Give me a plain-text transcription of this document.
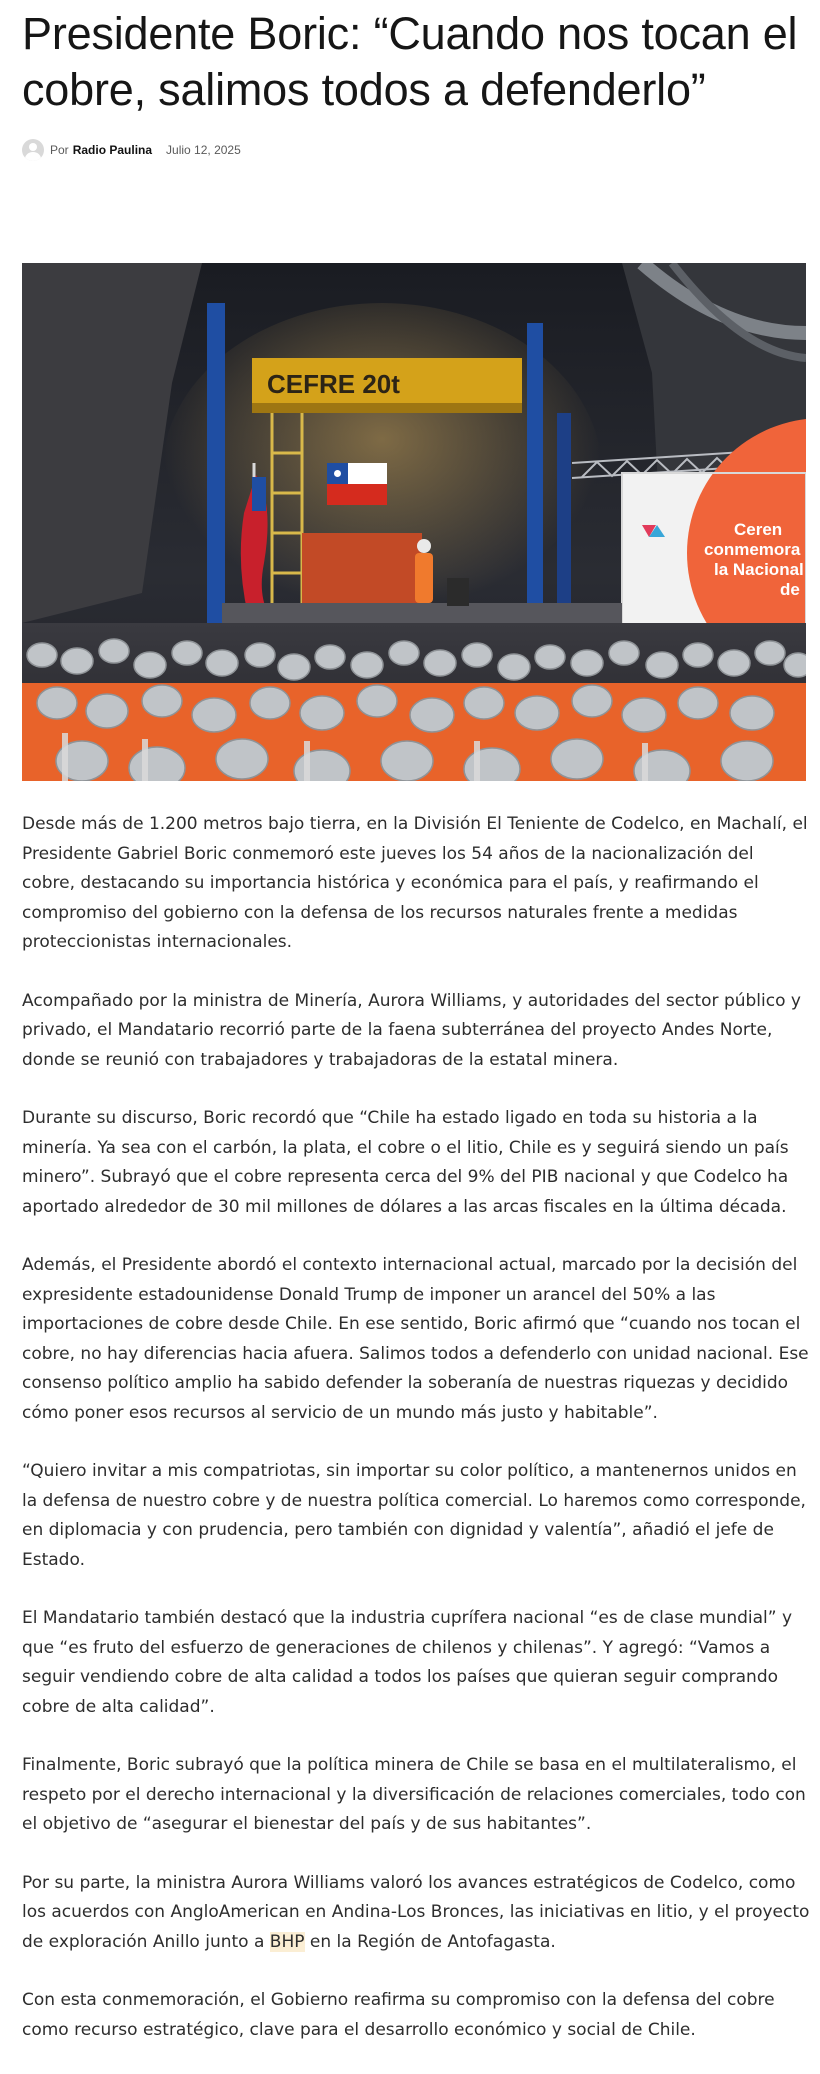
Presidente Boric: “Cuando nos tocan el cobre, salimos todos a defenderlo”
Por Radio Paulina Julio 12, 2025
CEFRE 20t
Ceren
conmemora
la Nacional
de

Desde más de 1.200 metros bajo tierra, en la División El Teniente de Codelco, en Machalí, el Presidente Gabriel Boric conmemoró este jueves los 54 años de la nacionalización del cobre, destacando su importancia histórica y económica para el país, y reafirmando el compromiso del gobierno con la defensa de los recursos naturales frente a medidas proteccionistas internacionales.

Acompañado por la ministra de Minería, Aurora Williams, y autoridades del sector público y privado, el Mandatario recorrió parte de la faena subterránea del proyecto Andes Norte, donde se reunió con trabajadores y trabajadoras de la estatal minera.

Durante su discurso, Boric recordó que “Chile ha estado ligado en toda su historia a la minería. Ya sea con el carbón, la plata, el cobre o el litio, Chile es y seguirá siendo un país minero”. Subrayó que el cobre representa cerca del 9% del PIB nacional y que Codelco ha aportado alrededor de 30 mil millones de dólares a las arcas fiscales en la última década.

Además, el Presidente abordó el contexto internacional actual, marcado por la decisión del expresidente estadounidense Donald Trump de imponer un arancel del 50% a las importaciones de cobre desde Chile. En ese sentido, Boric afirmó que “cuando nos tocan el cobre, no hay diferencias hacia afuera. Salimos todos a defenderlo con unidad nacional. Ese consenso político amplio ha sabido defender la soberanía de nuestras riquezas y decidido cómo poner esos recursos al servicio de un mundo más justo y habitable”.

“Quiero invitar a mis compatriotas, sin importar su color político, a mantenernos unidos en la defensa de nuestro cobre y de nuestra política comercial. Lo haremos como corresponde, en diplomacia y con prudencia, pero también con dignidad y valentía”, añadió el jefe de Estado.

El Mandatario también destacó que la industria cuprífera nacional “es de clase mundial” y que “es fruto del esfuerzo de generaciones de chilenos y chilenas”. Y agregó: “Vamos a seguir vendiendo cobre de alta calidad a todos los países que quieran seguir comprando cobre de alta calidad”.

Finalmente, Boric subrayó que la política minera de Chile se basa en el multilateralismo, el respeto por el derecho internacional y la diversificación de relaciones comerciales, todo con el objetivo de “asegurar el bienestar del país y de sus habitantes”.

Por su parte, la ministra Aurora Williams valoró los avances estratégicos de Codelco, como los acuerdos con AngloAmerican en Andina-Los Bronces, las iniciativas en litio, y el proyecto de exploración Anillo junto a BHP en la Región de Antofagasta.

Con esta conmemoración, el Gobierno reafirma su compromiso con la defensa del cobre como recurso estratégico, clave para el desarrollo económico y social de Chile.
